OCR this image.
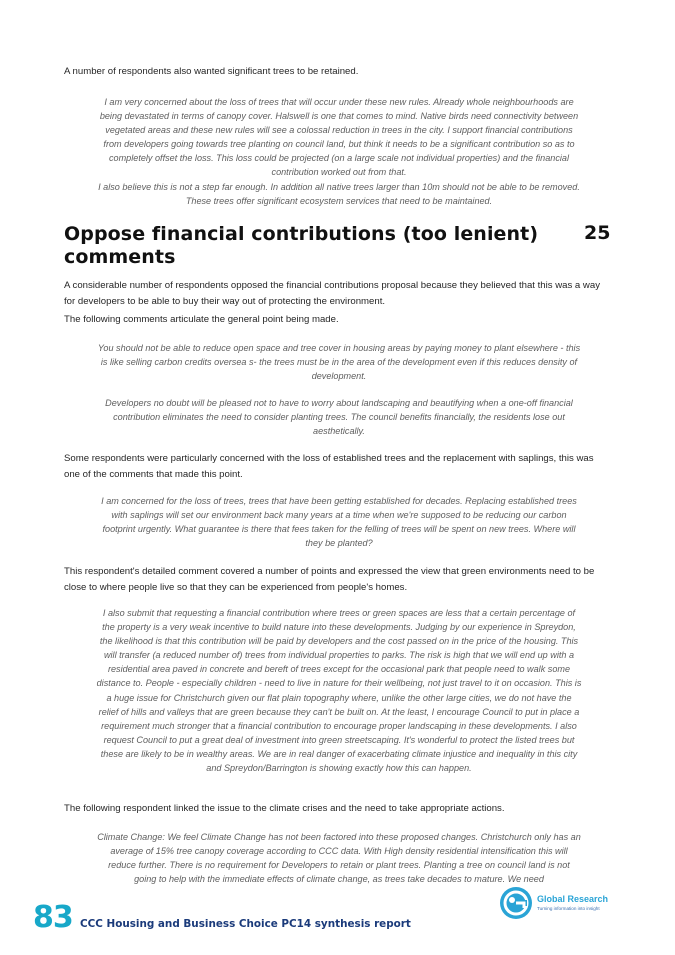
A number of respondents also wanted significant trees to be retained.

I am very concerned about the loss of trees that will occur under these new rules. Already whole neighbourhoods are being devastated in terms of canopy cover. Halswell is one that comes to mind. Native birds need connectivity between vegetated areas and these new rules will see a colossal reduction in trees in the city. I support financial contributions from developers going towards tree planting on council land, but think it needs to be a significant contribution so as to completely offset the loss. This loss could be projected (on a large scale not individual properties) and the financial contribution worked out from that.

I also believe this is not a step far enough. In addition all native trees larger than 10m should not be able to be removed. These trees offer significant ecosystem services that need to be maintained.

Oppose financial contributions (too lenient) comments
25
A considerable number of respondents opposed the financial contributions proposal because they believed that this was a way for developers to be able to buy their way out of protecting the environment.
The following comments articulate the general point being made.
You should not be able to reduce open space and tree cover in housing areas by paying money to plant elsewhere - this is like selling carbon credits oversea s- the trees must be in the area of the development even if this reduces density of development.
Developers no doubt will be pleased not to have to worry about landscaping and beautifying when a one-off financial contribution eliminates the need to consider planting trees. The council benefits financially, the residents lose out aesthetically.
Some respondents were particularly concerned with the loss of established trees and the replacement with saplings, this was one of the comments that made this point.
I am concerned for the loss of trees, trees that have been getting established for decades. Replacing established trees with saplings will set our environment back many years at a time when we're supposed to be reducing our carbon footprint urgently. What guarantee is there that fees taken for the felling of trees will be spent on new trees. Where will they be planted?
This respondent's detailed comment covered a number of points and expressed the view that green environments need to be close to where people live so that they can be experienced from people's homes.
I also submit that requesting a financial contribution where trees or green spaces are less that a certain percentage of the property is a very weak incentive to build nature into these developments. Judging by our experience in Spreydon, the likelihood is that this contribution will be paid by developers and the cost passed on in the price of the housing. This will transfer (a reduced number of) trees from individual properties to parks. The risk is high that we will end up with a residential area paved in concrete and bereft of trees except for the occasional park that people need to walk some distance to. People - especially children - need to live in nature for their wellbeing, not just travel to it on occasion. This is a huge issue for Christchurch given our flat plain topography where, unlike the other large cities, we do not have the relief of hills and valleys that are green because they can't be built on. At the least, I encourage Council to put in place a requirement much stronger that a financial contribution to encourage proper landscaping in these developments. I also request Council to put a great deal of investment into green streetscaping. It's wonderful to protect the listed trees but these are likely to be in wealthy areas. We are in real danger of exacerbating climate injustice and inequality in this city and Spreydon/Barrington is showing exactly how this can happen.
The following respondent linked the issue to the climate crises and the need to take appropriate actions.
Climate Change: We feel Climate Change has not been factored into these proposed changes. Christchurch only has an average of 15% tree canopy coverage according to CCC data. With High density residential intensification this will reduce further. There is no requirement for Developers to retain or plant trees. Planting a tree on council land is not going to help with the immediate effects of climate change, as trees take decades to mature. We need
83 CCC Housing and Business Choice PC14 synthesis report
Global Research
Turning information into insight
